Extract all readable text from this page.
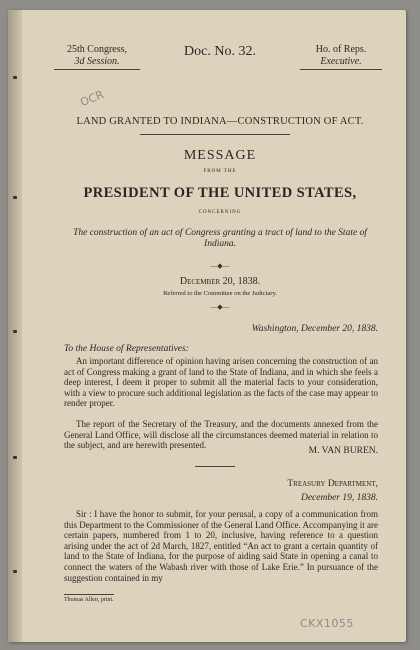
25th Congress,
3d Session.
Doc. No. 32.	Ho. of Reps.
Executive.
OCR
LAND GRANTED TO INDIANA—CONSTRUCTION OF ACT.
MESSAGE
FROM THE
PRESIDENT OF THE UNITED STATES,
CONCERNING
The construction of an act of Congress granting a tract of land to the State of Indiana.
—◆—
December 20, 1838.
Referred to the Committee on the Judiciary.
—◆—
Washington, December 20, 1838.
To the House of Representatives:
An important difference of opinion having arisen concerning the construction of an act of Congress making a grant of land to the State of Indiana, and in which she feels a deep interest, I deem it proper to submit all the material facts to your consideration, with a view to procure such additional legislation as the facts of the case may appear to render proper.
The report of the Secretary of the Treasury, and the documents annexed from the General Land Office, will disclose all the circumstances deemed material in relation to the subject, and are herewith presented.
M. VAN BUREN.
Treasury Department,
December 19, 1838.
Sir : I have the honor to submit, for your perusal, a copy of a communication from this Department to the Commissioner of the General Land Office. Accompanying it are certain papers, numbered from 1 to 20, inclusive, having reference to a question arising under the act of 2d March, 1827, entitled “An act to grant a certain quantity of land to the State of Indiana, for the purpose of aiding said State in opening a canal to connect the waters of the Wabash river with those of Lake Erie.” In pursuance of the suggestion contained in my
Thomas Allen, print.
CKX1055
